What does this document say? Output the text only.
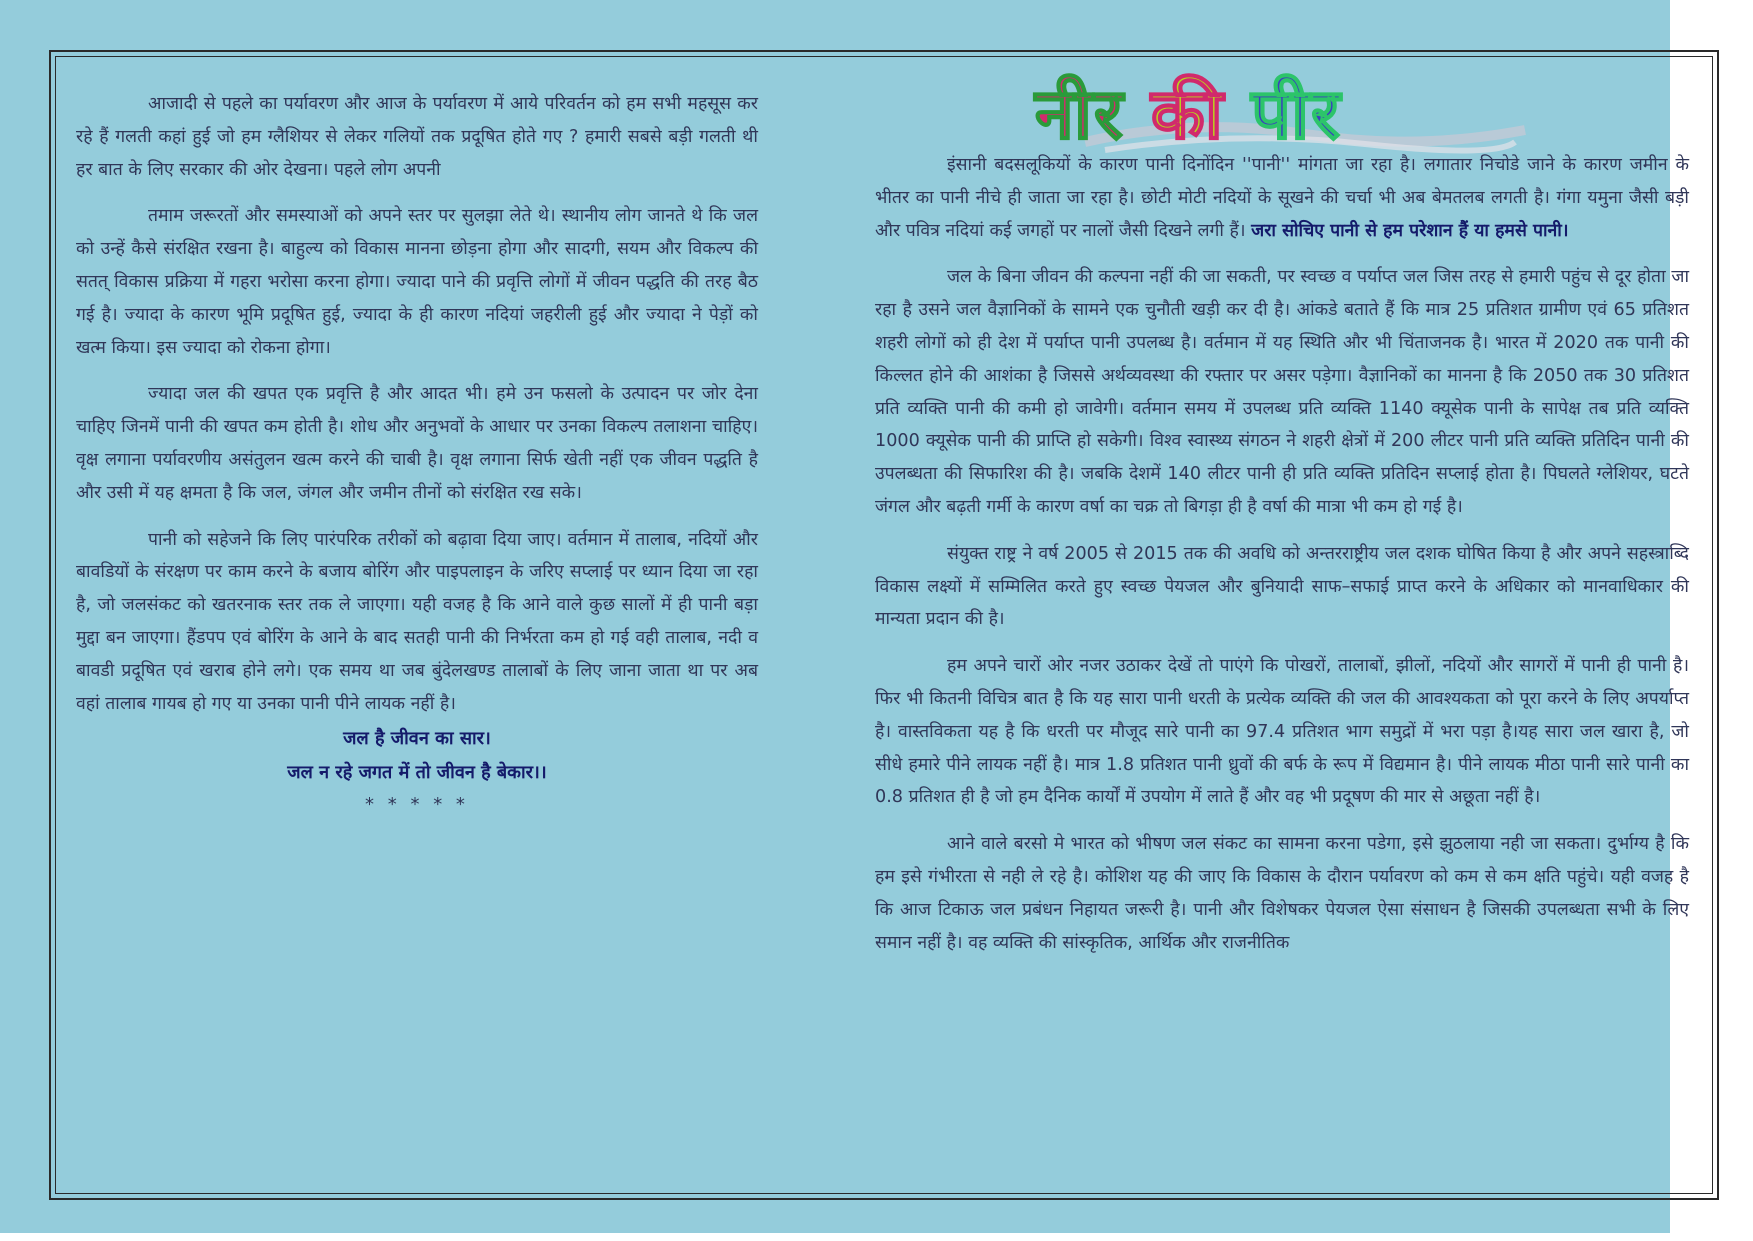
नीर की पीर

आजादी से पहले का पर्यावरण और आज के पर्यावरण में आये परिवर्तन को हम सभी महसूस कर रहे हैं गलती कहां हुई जो हम ग्लैशियर से लेकर गलियों तक प्रदूषित होते गए ? हमारी सबसे बड़ी गलती थी हर बात के लिए सरकार की ओर देखना। पहले लोग अपनी

तमाम जरूरतों और समस्याओं को अपने स्तर पर सुलझा लेते थे। स्थानीय लोग जानते थे कि जल को उन्हें कैसे संरक्षित रखना है। बाहुल्य को विकास मानना छोड़ना होगा और सादगी, सयम और विकल्प की सतत् विकास प्रक्रिया में गहरा भरोसा करना होगा। ज्यादा पाने की प्रवृत्ति लोगों में जीवन पद्धति की तरह बैठ गई है। ज्यादा के कारण भूमि प्रदूषित हुई, ज्यादा के ही कारण नदियां जहरीली हुई और ज्यादा ने पेड़ों को खत्म किया। इस ज्यादा को रोकना होगा।

ज्यादा जल की खपत एक प्रवृत्ति है और आदत भी। हमे उन फसलो के उत्पादन पर जोर देना चाहिए जिनमें पानी की खपत कम होती है। शोध और अनुभवों के आधार पर उनका विकल्प तलाशना चाहिए। वृक्ष लगाना पर्यावरणीय असंतुलन खत्म करने की चाबी है। वृक्ष लगाना सिर्फ खेती नहीं एक जीवन पद्धति है और उसी में यह क्षमता है कि जल, जंगल और जमीन तीनों को संरक्षित रख सके।

पानी को सहेजने कि लिए पारंपरिक तरीकों को बढ़ावा दिया जाए। वर्तमान में तालाब, नदियों और बावडियों के संरक्षण पर काम करने के बजाय बोरिंग और पाइपलाइन के जरिए सप्लाई पर ध्यान दिया जा रहा है, जो जलसंकट को खतरनाक स्तर तक ले जाएगा। यही वजह है कि आने वाले कुछ सालों में ही पानी बड़ा मुद्दा बन जाएगा। हैंडपप एवं बोरिंग के आने के बाद सतही पानी की निर्भरता कम हो गई वही तालाब, नदी व बावडी प्रदूषित एवं खराब होने लगे। एक समय था जब बुंदेलखण्ड तालाबों के लिए जाना जाता था पर अब वहां तालाब गायब हो गए या उनका पानी पीने लायक नहीं है।

जल है जीवन का सार।
जल न रहे जगत में तो जीवन है बेकार।।
* * * * *

इंसानी बदसलूकियों के कारण पानी दिनोंदिन ''पानी'' मांगता जा रहा है। लगातार निचोडे जाने के कारण जमीन के भीतर का पानी नीचे ही जाता जा रहा है। छोटी मोटी नदियों के सूखने की चर्चा भी अब बेमतलब लगती है। गंगा यमुना जैसी बड़ी और पवित्र नदियां कई जगहों पर नालों जैसी दिखने लगी हैं। जरा सोचिए पानी से हम परेशान हैं या हमसे पानी।

जल के बिना जीवन की कल्पना नहीं की जा सकती, पर स्वच्छ व पर्याप्त जल जिस तरह से हमारी पहुंच से दूर होता जा रहा है उसने जल वैज्ञानिकों के सामने एक चुनौती खड़ी कर दी है। आंकडे बताते हैं कि मात्र 25 प्रतिशत ग्रामीण एवं 65 प्रतिशत शहरी लोगों को ही देश में पर्याप्त पानी उपलब्ध है। वर्तमान में यह स्थिति और भी चिंताजनक है। भारत में 2020 तक पानी की किल्लत होने की आशंका है जिससे अर्थव्यवस्था की रफ्तार पर असर पड़ेगा। वैज्ञानिकों का मानना है कि 2050 तक 30 प्रतिशत प्रति व्यक्ति पानी की कमी हो जावेगी। वर्तमान समय में उपलब्ध प्रति व्यक्ति 1140 क्यूसेक पानी के सापेक्ष तब प्रति व्यक्ति 1000 क्यूसेक पानी की प्राप्ति हो सकेगी। विश्व स्वास्थ्य संगठन ने शहरी क्षेत्रों में 200 लीटर पानी प्रति व्यक्ति प्रतिदिन पानी की उपलब्धता की सिफारिश की है। जबकि देशमें 140 लीटर पानी ही प्रति व्यक्ति प्रतिदिन सप्लाई होता है। पिघलते ग्लेशियर, घटते जंगल और बढ़ती गर्मी के कारण वर्षा का चक्र तो बिगड़ा ही है वर्षा की मात्रा भी कम हो गई है।

संयुक्त राष्ट्र ने वर्ष 2005 से 2015 तक की अवधि को अन्तरराष्ट्रीय जल दशक घोषित किया है और अपने सहस्त्राब्दि विकास लक्ष्यों में सम्मिलित करते हुए स्वच्छ पेयजल और बुनियादी साफ–सफाई प्राप्त करने के अधिकार को मानवाधिकार की मान्यता प्रदान की है।

हम अपने चारों ओर नजर उठाकर देखें तो पाएंगे कि पोखरों, तालाबों, झीलों, नदियों और सागरों में पानी ही पानी है। फिर भी कितनी विचित्र बात है कि यह सारा पानी धरती के प्रत्येक व्यक्ति की जल की आवश्यकता को पूरा करने के लिए अपर्याप्त है। वास्तविकता यह है कि धरती पर मौजूद सारे पानी का 97.4 प्रतिशत भाग समुद्रों में भरा पड़ा है।यह सारा जल खारा है, जो सीधे हमारे पीने लायक नहीं है। मात्र 1.8 प्रतिशत पानी ध्रुवों की बर्फ के रूप में विद्यमान है। पीने लायक मीठा पानी सारे पानी का 0.8 प्रतिशत ही है जो हम दैनिक कार्यों में उपयोग में लाते हैं और वह भी प्रदूषण की मार से अछूता नहीं है।

आने वाले बरसो मे भारत को भीषण जल संकट का सामना करना पडेगा, इसे झुठलाया नही जा सकता। दुर्भाग्य है कि हम इसे गंभीरता से नही ले रहे है। कोशिश यह की जाए कि विकास के दौरान पर्यावरण को कम से कम क्षति पहुंचे। यही वजह है कि आज टिकाऊ जल प्रबंधन निहायत जरूरी है। पानी और विशेषकर पेयजल ऐसा संसाधन है जिसकी उपलब्धता सभी के लिए समान नहीं है। वह व्यक्ति की सांस्कृतिक, आर्थिक और राजनीतिक
